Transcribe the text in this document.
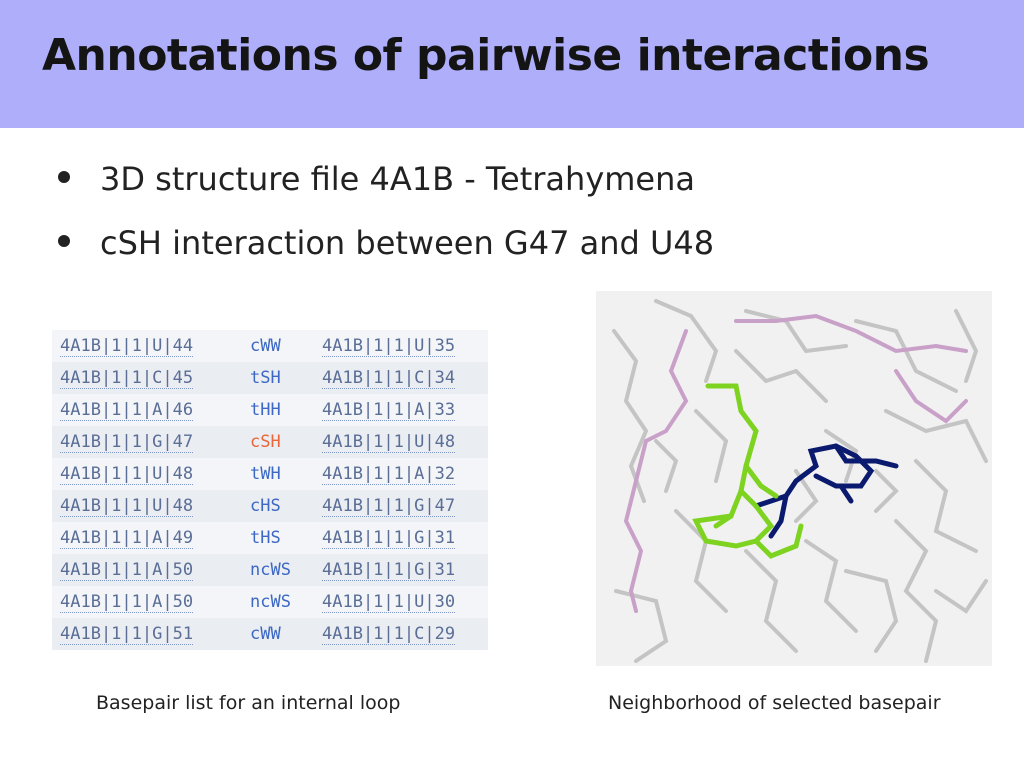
Annotations of pairwise interactions
3D structure file 4A1B - Tetrahymena
cSH interaction between G47 and U48
4A1B|1|1|U|44	cWW 4A1B|1|1|U|35
4A1B|1|1|C|45	tSH 4A1B|1|1|C|34
4A1B|1|1|A|46	tHH 4A1B|1|1|A|33
4A1B|1|1|G|47	cSH 4A1B|1|1|U|48
4A1B|1|1|U|48	tWH 4A1B|1|1|A|32
4A1B|1|1|U|48	cHS 4A1B|1|1|G|47
4A1B|1|1|A|49	tHS 4A1B|1|1|G|31
4A1B|1|1|A|50	ncWS 4A1B|1|1|G|31
4A1B|1|1|A|50	ncWS 4A1B|1|1|U|30
4A1B|1|1|G|51	cWW 4A1B|1|1|C|29
Basepair list for an internal loop	Neighborhood of selected basepair
